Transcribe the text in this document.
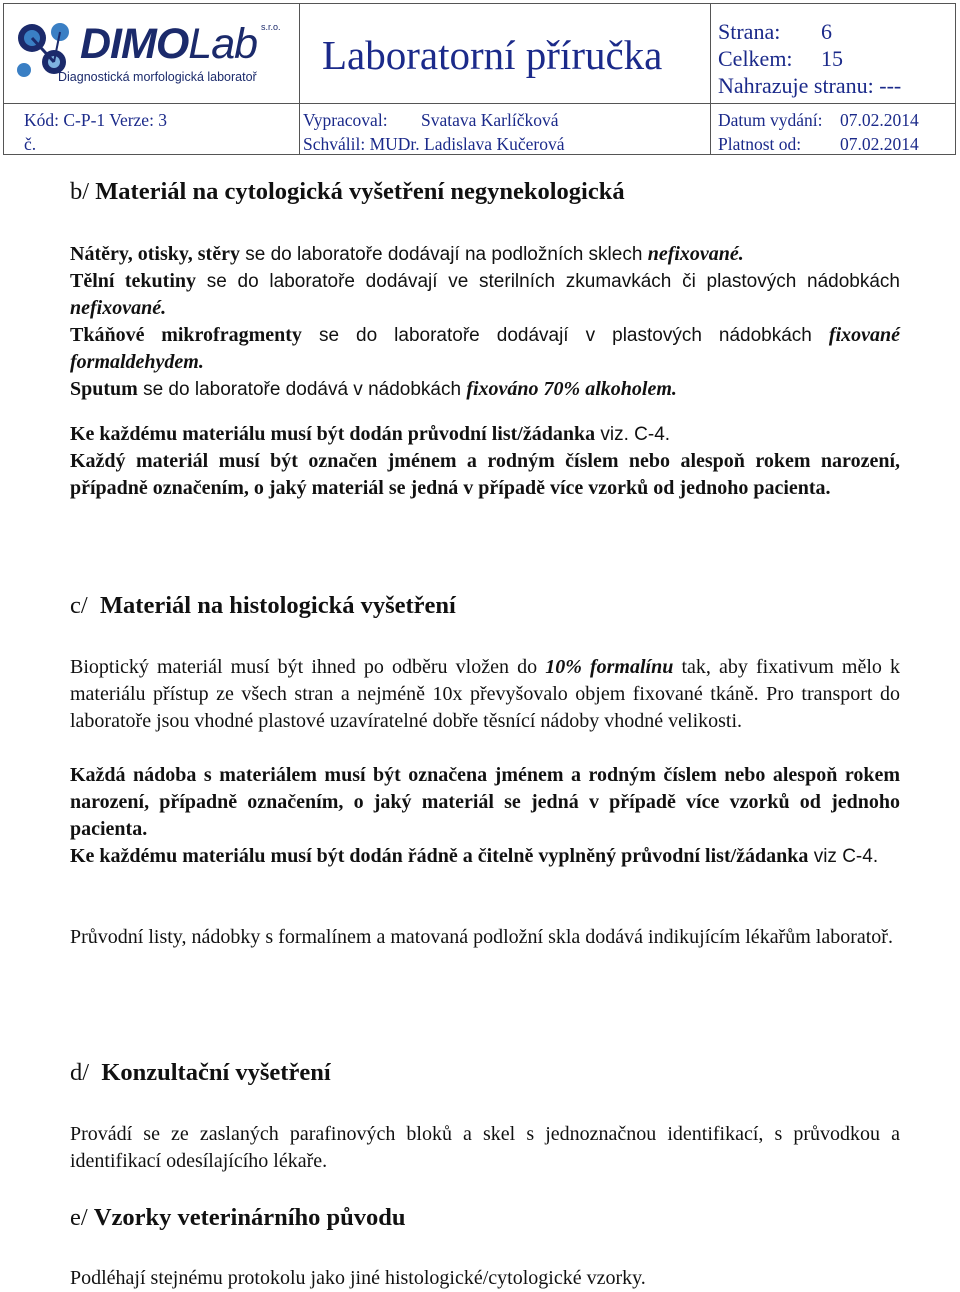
DIMOLab s.r.o.
Diagnostická morfologická laboratoř Laboratorní příručka
Strana: 6
Celkem: 15
Nahrazuje stranu: ---
Kód: C-P-1 Verze: 3
č.
Vypracoval: Svatava Karlíčková
Schválil: MUDr. Ladislava Kučerová
Datum vydání: 07.02.2014
Platnost od: 07.02.2014
b/ Materiál na cytologická vyšetření negynekologická

Nátěry, otisky, stěry se do laboratoře dodávají na podložních sklech nefixované.

Tělní tekutiny se do laboratoře dodávají ve sterilních zkumavkách či plastových nádobkách nefixované.

Tkáňové mikrofragmenty se do laboratoře dodávají v plastových nádobkách fixované formaldehydem.

Sputum se do laboratoře dodává v nádobkách fixováno 70% alkoholem.

Ke každému materiálu musí být dodán průvodní list/žádanka viz. C-4.

Každý materiál musí být označen jménem a rodným číslem nebo alespoň rokem narození, případně označením, o jaký materiál se jedná v případě více vzorků od jednoho pacienta.

c/ Materiál na histologická vyšetření

Bioptický materiál musí být ihned po odběru vložen do 10% formalínu tak, aby fixativum mělo k materiálu přístup ze všech stran a nejméně 10x převyšovalo objem fixované tkáně. Pro transport do laboratoře jsou vhodné plastové uzavíratelné dobře těsnící nádoby vhodné velikosti.

Každá nádoba s materiálem musí být označena jménem a rodným číslem nebo alespoň rokem narození, případně označením, o jaký materiál se jedná v případě více vzorků od jednoho pacienta.

Ke každému materiálu musí být dodán řádně a čitelně vyplněný průvodní list/žádanka viz C-4.

Průvodní listy, nádobky s formalínem a matovaná podložní skla dodává indikujícím lékařům laboratoř.

d/ Konzultační vyšetření

Provádí se ze zaslaných parafinových bloků a skel s jednoznačnou identifikací, s průvodkou a identifikací odesílajícího lékaře.

e/ Vzorky veterinárního původu

Podléhají stejnému protokolu jako jiné histologické/cytologické vzorky.
